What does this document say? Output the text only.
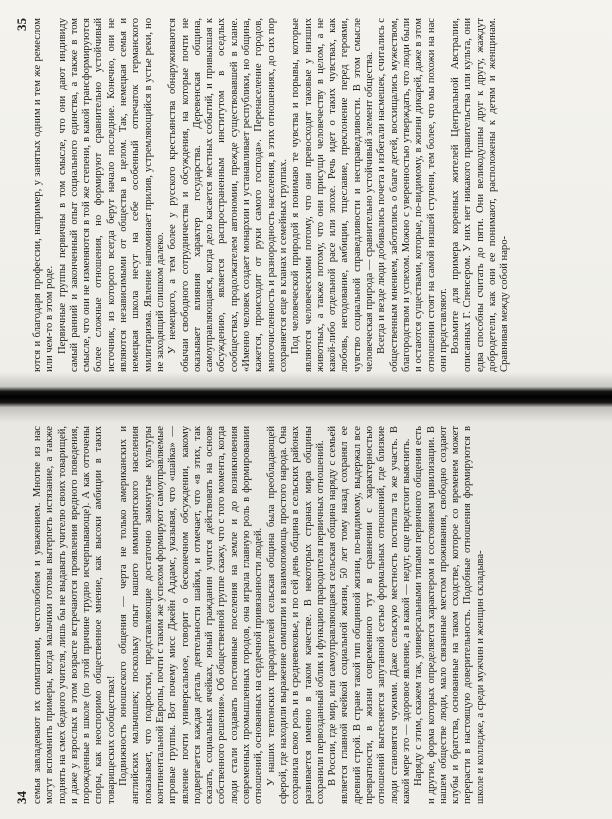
35 ются и благодаря профессии, например, у занятых одним и тем же ремеслом или чем-то в этом роде. Первичные группы первичны в том смысле, что они дают индивиду самый ранний и законченный опыт социального единства, а также в том смысле, что они не изменяются в той же степени, в какой трансформируются более сложные отношения, но формируют сравнительно устойчивый источник, из которого всегда берут начало последние. Конечно, они не являются независимыми от общества в целом. Так, немецкая семья и немецкая школа несут на себе особенный отпечаток германского милитаризма. Явление напоминает прилив, устремляющийся в устье реки, но не заходящий слишком далеко. У немецкого, а тем более у русского крестьянства обнаруживаются обычаи свободного сотрудничества и обсуждения, на которые почти не оказывает влияния характер государства. Деревенская община, самоуправляющаяся, когда дело касается местных событий, и привыкшая к обсуждению, является распространенным институтом в оседлых сообществах, продолжателем автономии, прежде существовавшей в клане. «Именно человек создает монархии и устанавливает республики, но община, кажется, происходит от руки самого господа». Перенаселение городов, многочисленность и разнородность населения, в этих отношениях, до сих пор сохраняется еще в кланах и семейных группах. Под человеческой природой я понимаю те чувства и порывы, которые являются человеческими потому, что они превосходят таковые у низших животных, а также потому, что они присущи человечеству в целом, а не какой-либо отдельной расе или эпохе. Речь идет о таких чувствах, как любовь, негодование, амбиции, тщеславие, преклонение перед героями, чувство социальной справедливости и несправедливости. В этом смысле человеческая природа — сравнительно устойчивый элемент общества. Всегда и везде люди добивались почета и избегали насмешек, считались с общественным мнением, заботились о благе детей, восхищались мужеством, благородством и успехом. Можно с уверенностью утверждать, что люди были и остаются существами, которые, по-видимому, в жизни дикарей, даже в этом отношении стоят на самой низшей ступени, тем более, что мы похожи на нас они представляют. Возьмите для примера коренных жителей Центральной Австралии, описанных Г. Спенсером. У них нет никакого правительства или культа, они едва способны считать до пяти. Они великодушны друг к другу, жаждут добродетели, как они ее понимают, расположены к детям и женщинам. Сравнивая между собой наро-

34 семья завладевают их симпатиями, честолюбием и уважением. Многие из нас могут вспомнить примеры, когда мальчики готовы вытерпеть истязание, а также поднять на смех бедного учителя, лишь бы не выдавать учителю своих товарищей, и даже у взрослых в этом возрасте встречаются проявления вредного поведения, порожденные в школе (по этой причине трудно исчерпывающе). А как отточены споры, как неоспоримо общественное мнение, как высоки амбиции в таких товарищеских сообществах! Подвижность юношеского общения — черта не только американских и английских мальчишек; поскольку опыт нашего иммигрантского населения показывает, что подростки, представляющие достаточно замкнутые культуры континентальной Европы, почти с таким же успехом формируют самоуправляемые игровые группы. Вот почему мисс Джейн Аддамс, указывая, что «шайка» — явление почти универсальное, говорит о бесконечном обсуждении, какому подвергается каждая деталь деятельности шайки, и отмечает, что «в этих, так сказать, социальных ячейках, юный гражданин учится действовать на основе собственного решения». Об общественной группе скажу, что с того момента, когда люди стали создавать постоянные поселения на земле и до возникновения современных промышленных городов, она играла главную роль в формировании отношений, основанных на сердечной привязанности людей. У наших тевтонских прародителей сельская община была преобладающей сферой, где находили выражение симпатии и взаимопомощь простого народа. Она сохранила свою роль и в средневековье, и по сей день община в сельских районах развивается именно в таком качестве. В некоторых странах мира общины сохранили первозданный облик и функцию прародителя первичных отношений. В России, где мир, или самоуправляющаяся сельская община наряду с семьей является главной ячейкой социальной жизни, 50 лет тому назад сохранял ее древний строй. В стране такой тип общинной жизни, по-видимому, выдержал все превратности, в жизни современного тут в сравнении с характерностью отношений вытесняется запутанной сетью формальных отношений, где близкие люди становятся чужими. Даже сельскую местность постигла та же участь. В какой мере это — здоровое явление, а в какой — недуг, еще предстоит выяснить. Наряду с этим, скажем так, универсальными типами первичного общения есть и другие, форма которых определяется характером и состоянием цивилизации. В нашем обществе люди, мало связанные местом проживания, свободно создают клубы и братства, основанные на таком сходстве, которое со временем может перерасти в настоящую доверительность. Подобные отношения формируются в школе и колледже, а среди мужчин и женщин складыва-
